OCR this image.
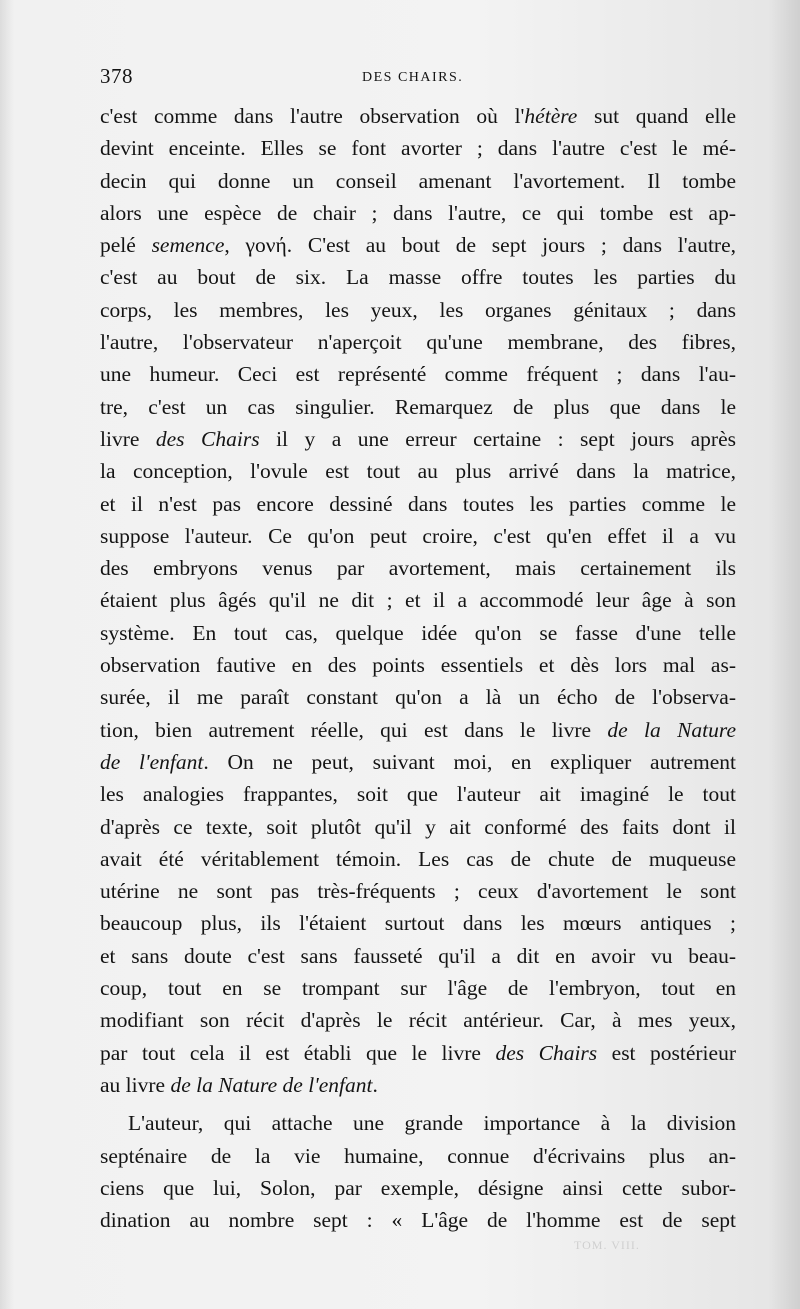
378	DES CHAIRS.
c'est comme dans l'autre observation où l'hétère sut quand elle
devint enceinte. Elles se font avorter ; dans l'autre c'est le mé-
decin qui donne un conseil amenant l'avortement. Il tombe
alors une espèce de chair ; dans l'autre, ce qui tombe est ap-
pelé semence, γονή. C'est au bout de sept jours ; dans l'autre,
c'est au bout de six. La masse offre toutes les parties du
corps, les membres, les yeux, les organes génitaux ; dans
l'autre, l'observateur n'aperçoit qu'une membrane, des fibres,
une humeur. Ceci est représenté comme fréquent ; dans l'au-
tre, c'est un cas singulier. Remarquez de plus que dans le
livre des Chairs il y a une erreur certaine : sept jours après
la conception, l'ovule est tout au plus arrivé dans la matrice,
et il n'est pas encore dessiné dans toutes les parties comme le
suppose l'auteur. Ce qu'on peut croire, c'est qu'en effet il a vu
des embryons venus par avortement, mais certainement ils
étaient plus âgés qu'il ne dit ; et il a accommodé leur âge à son
système. En tout cas, quelque idée qu'on se fasse d'une telle
observation fautive en des points essentiels et dès lors mal as-
surée, il me paraît constant qu'on a là un écho de l'observa-
tion, bien autrement réelle, qui est dans le livre de la Nature
de l'enfant. On ne peut, suivant moi, en expliquer autrement
les analogies frappantes, soit que l'auteur ait imaginé le tout
d'après ce texte, soit plutôt qu'il y ait conformé des faits dont il
avait été véritablement témoin. Les cas de chute de muqueuse
utérine ne sont pas très-fréquents ; ceux d'avortement le sont
beaucoup plus, ils l'étaient surtout dans les mœurs antiques ;
et sans doute c'est sans fausseté qu'il a dit en avoir vu beau-
coup, tout en se trompant sur l'âge de l'embryon, tout en
modifiant son récit d'après le récit antérieur. Car, à mes yeux,
par tout cela il est établi que le livre des Chairs est postérieur
au livre de la Nature de l'enfant.
L'auteur, qui attache une grande importance à la division
septénaire de la vie humaine, connue d'écrivains plus an-
ciens que lui, Solon, par exemple, désigne ainsi cette subor-
dination au nombre sept : « L'âge de l'homme est de sept
TOM. VIII.
